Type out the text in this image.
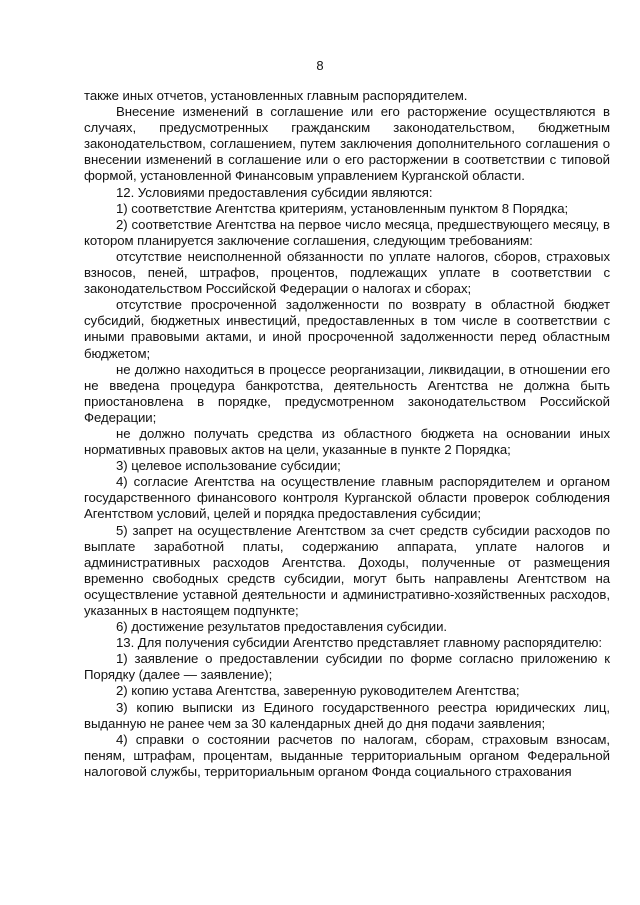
8

также иных отчетов, установленных главным распорядителем.

Внесение изменений в соглашение или его расторжение осуществляются в случаях, предусмотренных гражданским законодательством, бюджетным законодательством, соглашением, путем заключения дополнительного соглашения о внесении изменений в соглашение или о его расторжении в соответствии с типовой формой, установленной Финансовым управлением Курганской области.

12. Условиями предоставления субсидии являются:

1) соответствие Агентства критериям, установленным пунктом 8 Порядка;

2) соответствие Агентства на первое число месяца, предшествующего месяцу, в котором планируется заключение соглашения, следующим требованиям:

отсутствие неисполненной обязанности по уплате налогов, сборов, страховых взносов, пеней, штрафов, процентов, подлежащих уплате в соответствии с законодательством Российской Федерации о налогах и сборах;

отсутствие просроченной задолженности по возврату в областной бюджет субсидий, бюджетных инвестиций, предоставленных в том числе в соответствии с иными правовыми актами, и иной просроченной задолженности перед областным бюджетом;

не должно находиться в процессе реорганизации, ликвидации, в отношении его не введена процедура банкротства, деятельность Агентства не должна быть приостановлена в порядке, предусмотренном законодательством Российской Федерации;

не должно получать средства из областного бюджета на основании иных нормативных правовых актов на цели, указанные в пункте 2 Порядка;

3) целевое использование субсидии;

4) согласие Агентства на осуществление главным распорядителем и органом государственного финансового контроля Курганской области проверок соблюдения Агентством условий, целей и порядка предоставления субсидии;

5) запрет на осуществление Агентством за счет средств субсидии расходов по выплате заработной платы, содержанию аппарата, уплате налогов и административных расходов Агентства. Доходы, полученные от размещения временно свободных средств субсидии, могут быть направлены Агентством на осуществление уставной деятельности и административно-хозяйственных расходов, указанных в настоящем подпункте;

6) достижение результатов предоставления субсидии.

13. Для получения субсидии Агентство представляет главному распорядителю:

1) заявление о предоставлении субсидии по форме согласно приложению к Порядку (далее — заявление);

2) копию устава Агентства, заверенную руководителем Агентства;

3) копию выписки из Единого государственного реестра юридических лиц, выданную не ранее чем за 30 календарных дней до дня подачи заявления;

4) справки о состоянии расчетов по налогам, сборам, страховым взносам, пеням, штрафам, процентам, выданные территориальным органом Федеральной налоговой службы, территориальным органом Фонда социального страхования
